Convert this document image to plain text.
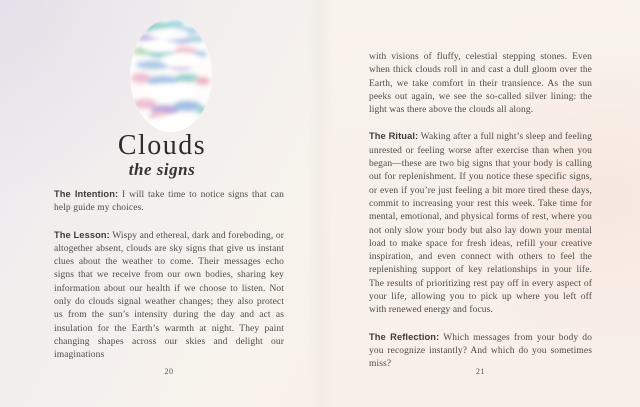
Clouds
the signs

The Intention: I will take time to notice signs that can help guide my choices.

The Lesson: Wispy and ethereal, dark and foreboding, or altogether absent, clouds are sky signs that give us instant clues about the weather to come. Their messages echo signs that we receive from our own bodies, sharing key information about our health if we choose to listen. Not only do clouds signal weather changes; they also protect us from the sun’s intensity during the day and act as insulation for the Earth’s warmth at night. They paint changing shapes across our skies and delight our imaginations

20

with visions of fluffy, celestial stepping stones. Even when thick clouds roll in and cast a dull gloom over the Earth, we take comfort in their transience. As the sun peeks out again, we see the so-called silver lining: the light was there above the clouds all along.

The Ritual: Waking after a full night’s sleep and feeling unrested or feeling worse after exercise than when you began—these are two big signs that your body is calling out for replenishment. If you notice these specific signs, or even if you’re just feeling a bit more tired these days, commit to increasing your rest this week. Take time for mental, emotional, and physical forms of rest, where you not only slow your body but also lay down your mental load to make space for fresh ideas, refill your creative inspiration, and even connect with others to feel the replenishing support of key relationships in your life. The results of prioritizing rest pay off in every aspect of your life, allowing you to pick up where you left off with renewed energy and focus.

The Reflection: Which messages from your body do you recognize instantly? And which do you sometimes miss?

21
